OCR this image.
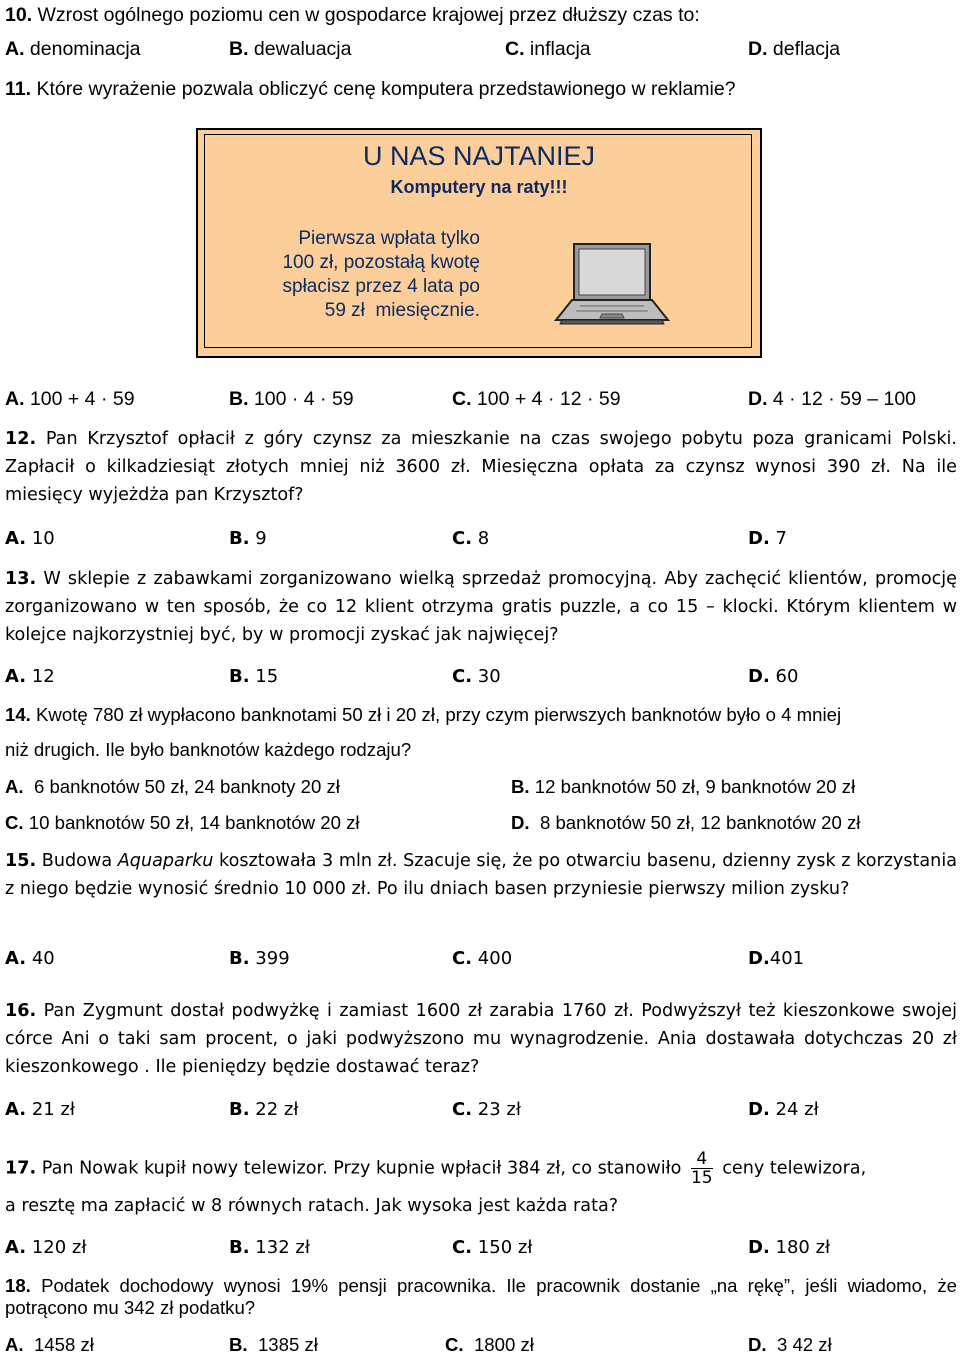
10. Wzrost ogólnego poziomu cen w gospodarce krajowej przez dłuższy czas to:
A. denominacja	B. dewaluacja	C. inflacja	D. deflacja
11. Które wyrażenie pozwala obliczyć cenę komputera przedstawionego w reklamie?
U NAS NAJTANIEJ
Komputery na raty!!!
Pierwsza wpłata tylko
100 zł, pozostałą kwotę
spłacisz przez 4 lata po
59 zł  miesięcznie.
A. 100 + 4 · 59	B. 100 · 4 · 59	C. 100 + 4 · 12 · 59	D. 4 · 12 · 59 – 100
12. Pan Krzysztof opłacił z góry czynsz za mieszkanie na czas swojego pobytu poza granicami Polski. Zapłacił o kilkadziesiąt złotych mniej niż 3600 zł. Miesięczna opłata za czynsz wynosi 390 zł. Na ile miesięcy wyjeżdża pan Krzysztof?
A. 10	B. 9	C. 8	D. 7
13. W sklepie z zabawkami zorganizowano wielką sprzedaż promocyjną. Aby zachęcić klientów, promocję zorganizowano w ten sposób, że co 12 klient otrzyma gratis puzzle, a co 15 – klocki. Którym klientem w kolejce najkorzystniej być, by w promocji zyskać jak najwięcej?
A. 12	B. 15	C. 30	D. 60
14. Kwotę 780 zł wypłacono banknotami 50 zł i 20 zł, przy czym pierwszych banknotów było o 4 mniej
niż drugich. Ile było banknotów każdego rodzaju?
A. 6 banknotów 50 zł, 24 banknoty 20 zł	B. 12 banknotów 50 zł, 9 banknotów 20 zł
C. 10 banknotów 50 zł, 14 banknotów 20 zł	D. 8 banknotów 50 zł, 12 banknotów 20 zł
15. Budowa Aquaparku kosztowała 3 mln zł. Szacuje się, że po otwarciu basenu, dzienny zysk z korzystania z niego będzie wynosić średnio 10 000 zł. Po ilu dniach basen przyniesie pierwszy milion zysku?
A. 40	B. 399	C. 400	D.401
16. Pan Zygmunt dostał podwyżkę i zamiast 1600 zł zarabia 1760 zł. Podwyższył też kieszonkowe swojej córce Ani o taki sam procent, o jaki podwyższono mu wynagrodzenie. Ania dostawała dotychczas 20 zł kieszonkowego . Ile pieniędzy będzie dostawać teraz?
A. 21 zł	B. 22 zł	C. 23 zł	D. 24 zł
17. Pan Nowak kupił nowy telewizor. Przy kupnie wpłacił 384 zł, co stanowiło $\frac{4}{15}$ ceny telewizora,
a resztę ma zapłacić w 8 równych ratach. Jak wysoka jest każda rata?
A. 120 zł	B. 132 zł	C. 150 zł	D. 180 zł
18. Podatek dochodowy wynosi 19% pensji pracownika. Ile pracownik dostanie „na rękę”, jeśli wiadomo, że potrącono mu 342 zł podatku?
A. 1458 zł	B. 1385 zł	C. 1800 zł	D. 3 42 zł
